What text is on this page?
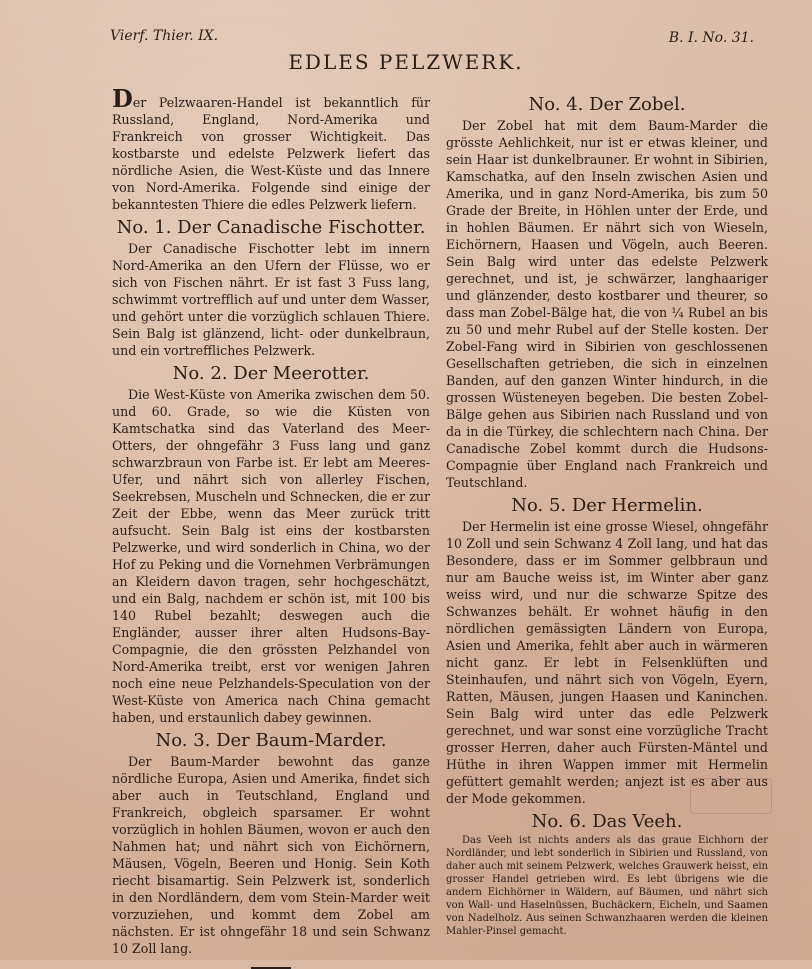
Vierf. Thier. IX.
EDLES PELZWERK.
B. I. No. 31.

Der Pelzwaaren-Handel ist bekanntlich für Russland, England, Nord-Amerika und Frankreich von grosser Wichtigkeit. Das kostbarste und edelste Pelzwerk liefert das nördliche Asien, die West-Küste und das Innere von Nord-Amerika. Folgende sind einige der bekanntesten Thiere die edles Pelzwerk liefern.

No. 1. Der Canadische Fischotter.

Der Canadische Fischotter lebt im innern Nord-Amerika an den Ufern der Flüsse, wo er sich von Fischen nährt. Er ist fast 3 Fuss lang, schwimmt vortrefflich auf und unter dem Wasser, und gehört unter die vorzüglich schlauen Thiere. Sein Balg ist glänzend, licht- oder dunkelbraun, und ein vortreffliches Pelzwerk.

No. 2. Der Meerotter.

Die West-Küste von Amerika zwischen dem 50. und 60. Grade, so wie die Küsten von Kamtschatka sind das Vaterland des Meer-Otters, der ohngefähr 3 Fuss lang und ganz schwarzbraun von Farbe ist. Er lebt am Meeres-Ufer, und nährt sich von allerley Fischen, Seekrebsen, Muscheln und Schnecken, die er zur Zeit der Ebbe, wenn das Meer zurück tritt aufsucht. Sein Balg ist eins der kostbarsten Pelzwerke, und wird sonderlich in China, wo der Hof zu Peking und die Vornehmen Verbrämungen an Kleidern davon tragen, sehr hochgeschätzt, und ein Balg, nachdem er schön ist, mit 100 bis 140 Rubel bezahlt; deswegen auch die Engländer, ausser ihrer alten Hudsons-Bay-Compagnie, die den grössten Pelzhandel von Nord-Amerika treibt, erst vor wenigen Jahren noch eine neue Pelzhandels-Speculation von der West-Küste von America nach China gemacht haben, und erstaunlich dabey gewinnen.

No. 3. Der Baum-Marder.

Der Baum-Marder bewohnt das ganze nördliche Europa, Asien und Amerika, findet sich aber auch in Teutschland, England und Frankreich, obgleich sparsamer. Er wohnt vorzüglich in hohlen Bäumen, wovon er auch den Nahmen hat; und nährt sich von Eichörnern, Mäusen, Vögeln, Beeren und Honig. Sein Koth riecht bisamartig. Sein Pelzwerk ist, sonderlich in den Nordländern, dem vom Stein-Marder weit vorzuziehen, und kommt dem Zobel am nächsten. Er ist ohngefähr 18 und sein Schwanz 10 Zoll lang.

No. 4. Der Zobel.

Der Zobel hat mit dem Baum-Marder die grösste Aehlichkeit, nur ist er etwas kleiner, und sein Haar ist dunkelbrauner. Er wohnt in Sibirien, Kamschatka, auf den Inseln zwischen Asien und Amerika, und in ganz Nord-Amerika, bis zum 50 Grade der Breite, in Höhlen unter der Erde, und in hohlen Bäumen. Er nährt sich von Wieseln, Eichörnern, Haasen und Vögeln, auch Beeren. Sein Balg wird unter das edelste Pelzwerk gerechnet, und ist, je schwärzer, langhaariger und glänzender, desto kostbarer und theurer, so dass man Zobel-Bälge hat, die von ¼ Rubel an bis zu 50 und mehr Rubel auf der Stelle kosten. Der Zobel-Fang wird in Sibirien von geschlossenen Gesellschaften getrieben, die sich in einzelnen Banden, auf den ganzen Winter hindurch, in die grossen Wüsteneyen begeben. Die besten Zobel-Bälge gehen aus Sibirien nach Russland und von da in die Türkey, die schlechtern nach China. Der Canadische Zobel kommt durch die Hudsons-Compagnie über England nach Frankreich und Teutschland.

No. 5. Der Hermelin.

Der Hermelin ist eine grosse Wiesel, ohngefähr 10 Zoll und sein Schwanz 4 Zoll lang, und hat das Besondere, dass er im Sommer gelbbraun und nur am Bauche weiss ist, im Winter aber ganz weiss wird, und nur die schwarze Spitze des Schwanzes behält. Er wohnet häufig in den nördlichen gemässigten Ländern von Europa, Asien und Amerika, fehlt aber auch in wärmeren nicht ganz. Er lebt in Felsenklüften und Steinhaufen, und nährt sich von Vögeln, Eyern, Ratten, Mäusen, jungen Haasen und Kaninchen. Sein Balg wird unter das edle Pelzwerk gerechnet, und war sonst eine vorzügliche Tracht grosser Herren, daher auch Fürsten-Mäntel und Hüthe in ihren Wappen immer mit Hermelin gefüttert gemahlt werden; anjezt ist es aber aus der Mode gekommen.

No. 6. Das Veeh.

Das Veeh ist nichts anders als das graue Eichhorn der Nordländer, und lebt sonderlich in Sibirien und Russland, von daher auch mit seinem Pelzwerk, welches Grauwerk heisst, ein grosser Handel getrieben wird. Es lebt übrigens wie die andern Eichhörner in Wäldern, auf Bäumen, und nährt sich von Wall- und Haselnüssen, Buchäckern, Eicheln, und Saamen von Nadelholz. Aus seinen Schwanzhaaren werden die kleinen Mahler-Pinsel gemacht.
